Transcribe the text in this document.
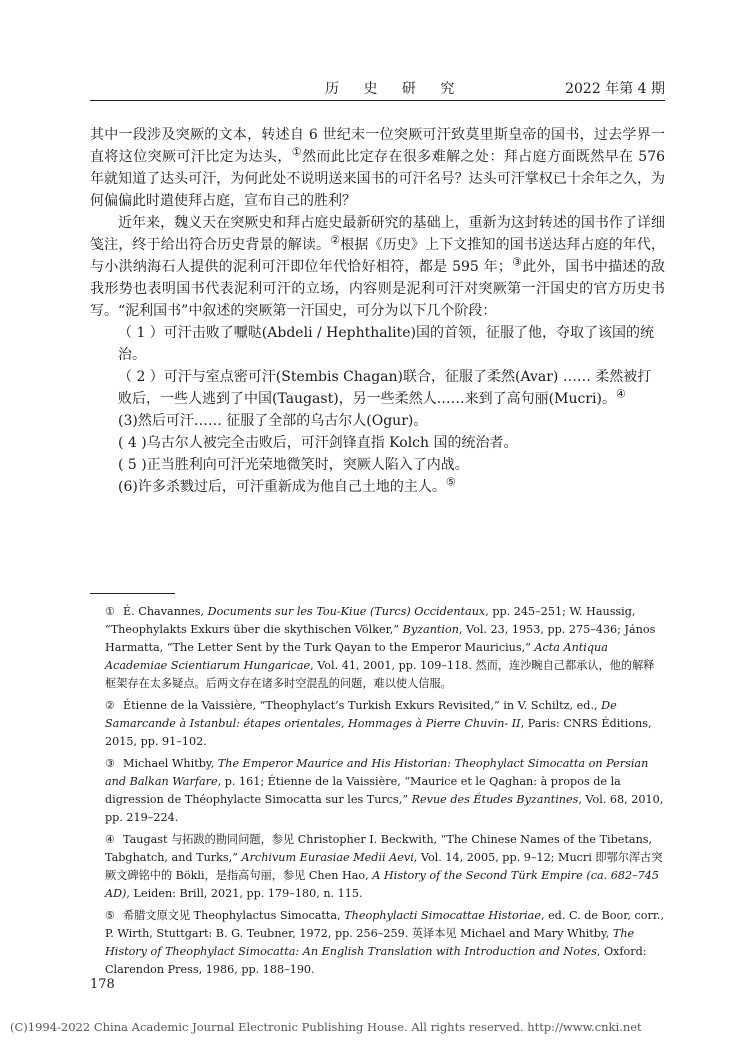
历 史 研 究	2022 年第 4 期

其中一段涉及突厥的文本，转述自 6 世纪末一位突厥可汗致莫里斯皇帝的国书，过去学界一直将这位突厥可汗比定为达头，①然而此比定存在很多难解之处：拜占庭方面既然早在 576 年就知道了达头可汗，为何此处不说明送来国书的可汗名号？达头可汗掌权已十余年之久，为何偏偏此时遣使拜占庭，宣布自己的胜利？

近年来，魏义天在突厥史和拜占庭史最新研究的基础上，重新为这封转述的国书作了详细笺注，终于给出符合历史背景的解读。②根据《历史》上下文推知的国书送达拜占庭的年代，与小洪纳海石人提供的泥利可汗即位年代恰好相符，都是 595 年；③此外，国书中描述的敌我形势也表明国书代表泥利可汗的立场，内容则是泥利可汗对突厥第一汗国史的官方历史书写。“泥利国书”中叙述的突厥第一汗国史，可分为以下几个阶段：

（ 1 ）可汗击败了嚈哒(Abdeli / Hephthalite)国的首领，征服了他，夺取了该国的统治。

（ 2 ）可汗与室点密可汗(Stembis Chagan)联合，征服了柔然(Avar) …… 柔然被打败后，一些人逃到了中国(Taugast)，另一些柔然人……来到了高句丽(Mucri)。④

(3)然后可汗…… 征服了全部的乌古尔人(Ogur)。

( 4 )乌古尔人被完全击败后，可汗剑锋直指 Kolch 国的统治者。

( 5 )正当胜利向可汗光荣地微笑时，突厥人陷入了内战。

(6)许多杀戮过后，可汗重新成为他自己土地的主人。⑤

① É. Chavannes, Documents sur les Tou-Kiue (Turcs) Occidentaux, pp. 245–251; W. Haussig, “Theophylakts Exkurs über die skythischen Völker,” Byzantion, Vol. 23, 1953, pp. 275–436; János Harmatta, “The Letter Sent by the Turk Qayan to the Emperor Mauricius,” Acta Antiqua Academiae Scientiarum Hungaricae, Vol. 41, 2001, pp. 109–118. 然而，连沙畹自己都承认，他的解释框架存在太多疑点。后两文存在诸多时空混乱的问题，难以使人信服。

② Étienne de la Vaissière, “Theophylact’s Turkish Exkurs Revisited,” in V. Schiltz, ed., De Samarcande à Istanbul: étapes orientales, Hommages à Pierre Chuvin- II, Paris: CNRS Éditions, 2015, pp. 91–102.

③ Michael Whitby, The Emperor Maurice and His Historian: Theophylact Simocatta on Persian and Balkan Warfare, p. 161; Étienne de la Vaissière, “Maurice et le Qaghan: à propos de la digression de Théophylacte Simocatta sur les Turcs,” Revue des Études Byzantines, Vol. 68, 2010, pp. 219–224.

④ Taugast 与拓跋的勘同问题，参见 Christopher I. Beckwith, “The Chinese Names of the Tibetans, Tabghatch, and Turks,” Archivum Eurasiae Medii Aevi, Vol. 14, 2005, pp. 9–12; Mucri 即鄂尔浑古突厥文碑铭中的 Bökli，是指高句丽，参见 Chen Hao, A History of the Second Türk Empire (ca. 682–745 AD), Leiden: Brill, 2021, pp. 179–180, n. 115.

⑤ 希腊文原文见 Theophylactus Simocatta, Theophylacti Simocattae Historiae, ed. C. de Boor, corr., P. Wirth, Stuttgart: B. G. Teubner, 1972, pp. 256–259. 英译本见 Michael and Mary Whitby, The History of Theophylact Simocatta: An English Translation with Introduction and Notes, Oxford: Clarendon Press, 1986, pp. 188–190.

178
(C)1994-2022 China Academic Journal Electronic Publishing House. All rights reserved. http://www.cnki.net
